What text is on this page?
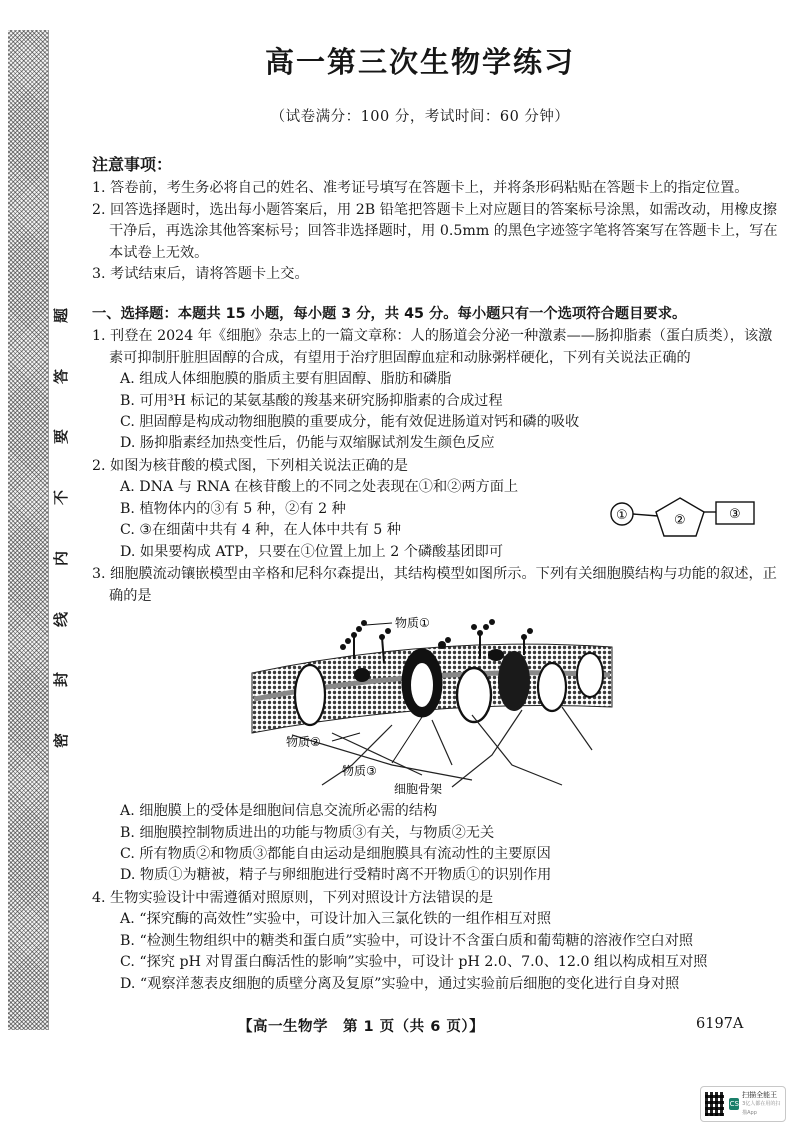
题
答
要
不
内
线
封
密
高一第三次生物学练习
（试卷满分：100 分，考试时间：60 分钟）
注意事项：
1. 答卷前，考生务必将自己的姓名、准考证号填写在答题卡上，并将条形码粘贴在答题卡上的指定位置。
2. 回答选择题时，选出每小题答案后，用 2B 铅笔把答题卡上对应题目的答案标号涂黑，如需改动，用橡皮擦干净后，再选涂其他答案标号；回答非选择题时，用 0.5mm 的黑色字迹签字笔将答案写在答题卡上，写在本试卷上无效。
3. 考试结束后，请将答题卡上交。
一、选择题：本题共 15 小题，每小题 3 分，共 45 分。每小题只有一个选项符合题目要求。
1. 刊登在 2024 年《细胞》杂志上的一篇文章称：人的肠道会分泌一种激素——肠抑脂素（蛋白质类），该激素可抑制肝脏胆固醇的合成，有望用于治疗胆固醇血症和动脉粥样硬化，下列有关说法正确的
A. 组成人体细胞膜的脂质主要有胆固醇、脂肪和磷脂
B. 可用³H 标记的某氨基酸的羧基来研究肠抑脂素的合成过程
C. 胆固醇是构成动物细胞膜的重要成分，能有效促进肠道对钙和磷的吸收
D. 肠抑脂素经加热变性后，仍能与双缩脲试剂发生颜色反应
2. 如图为核苷酸的模式图，下列相关说法正确的是
A. DNA 与 RNA 在核苷酸上的不同之处表现在①和②两方面上
B. 植物体内的③有 5 种，②有 2 种
C. ③在细菌中共有 4 种，在人体中共有 5 种
D. 如果要构成 ATP，只要在①位置上加上 2 个磷酸基团即可
3. 细胞膜流动镶嵌模型由辛格和尼科尔森提出，其结构模型如图所示。下列有关细胞膜结构与功能的叙述，正确的是
物质①
物质②
物质③
细胞骨架
A. 细胞膜上的受体是细胞间信息交流所必需的结构
B. 细胞膜控制物质进出的功能与物质③有关，与物质②无关
C. 所有物质②和物质③都能自由运动是细胞膜具有流动性的主要原因
D. 物质①为糖被，精子与卵细胞进行受精时离不开物质①的识别作用
4. 生物实验设计中需遵循对照原则，下列对照设计方法错误的是
A. “探究酶的高效性”实验中，可设计加入三氯化铁的一组作相互对照
B. “检测生物组织中的糖类和蛋白质”实验中，可设计不含蛋白质和葡萄糖的溶液作空白对照
C. “探究 pH 对胃蛋白酶活性的影响”实验中，可设计 pH 2.0、7.0、12.0 组以构成相互对照
D. “观察洋葱表皮细胞的质壁分离及复原”实验中，通过实验前后细胞的变化进行自身对照
①	②	③
【高一生物学　第 1 页（共 6 页）】	6197A
CS
扫描全能王
3亿人都在用的扫描App
